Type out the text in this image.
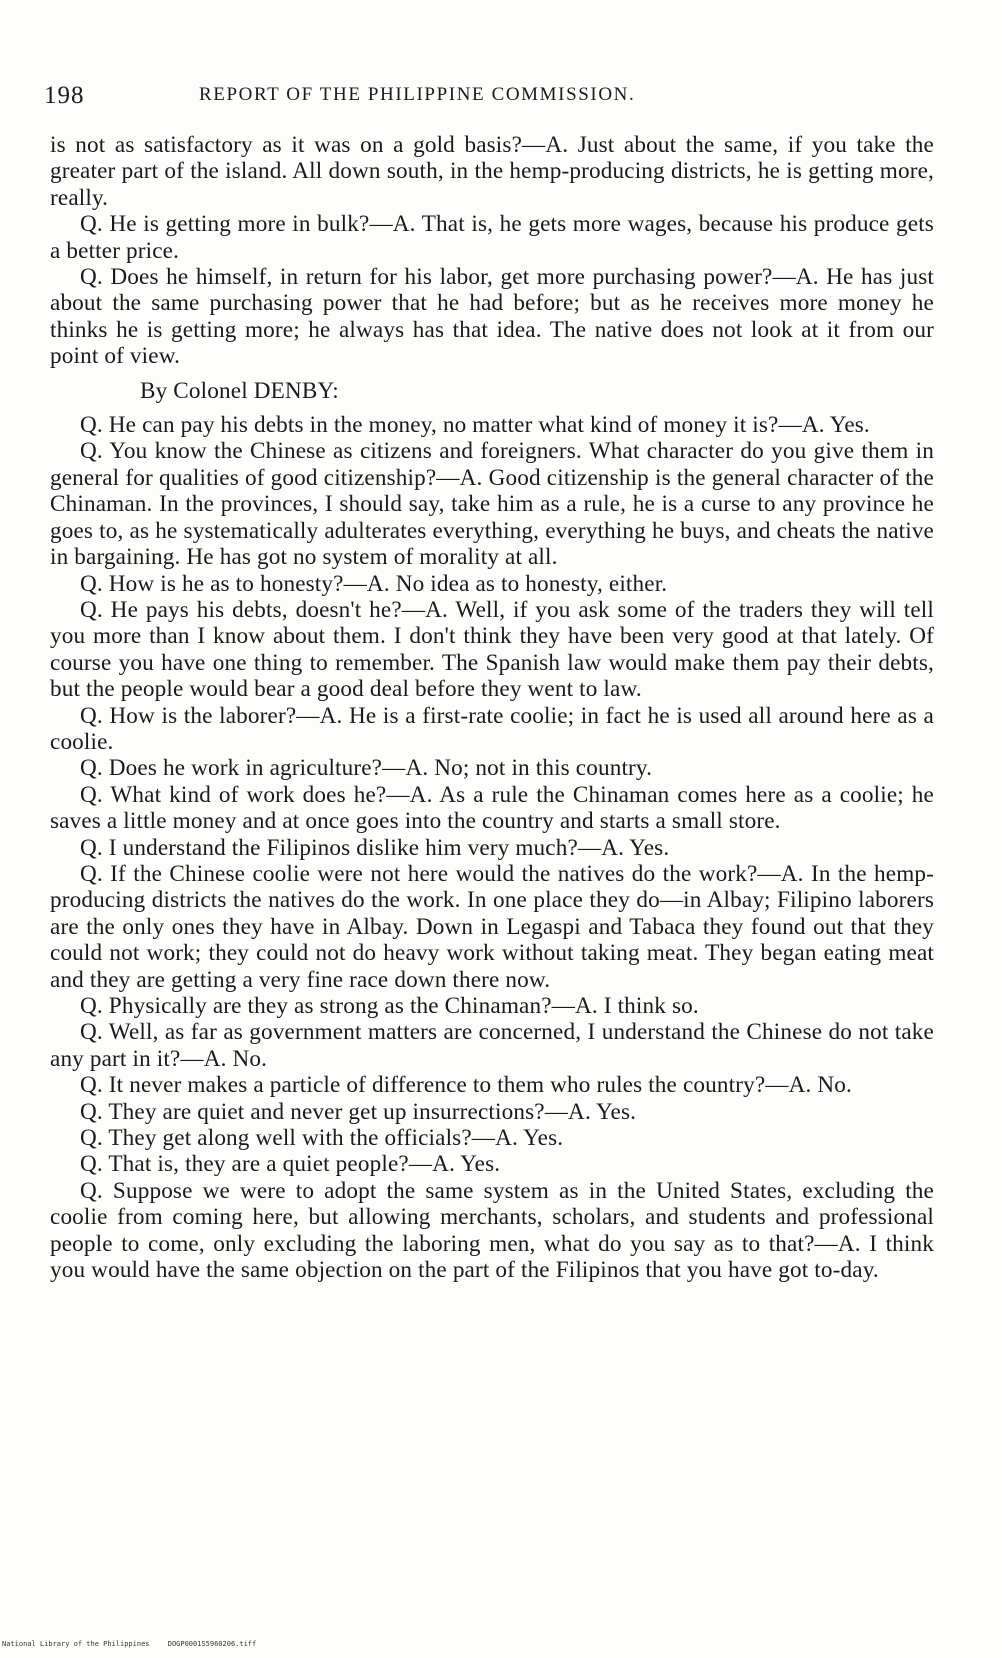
198	REPORT OF THE PHILIPPINE COMMISSION.

is not as satisfactory as it was on a gold basis?—A. Just about the same, if you take the greater part of the island. All down south, in the hemp-producing districts, he is getting more, really.

Q. He is getting more in bulk?—A. That is, he gets more wages, because his produce gets a better price.

Q. Does he himself, in return for his labor, get more purchasing power?—A. He has just about the same purchasing power that he had before; but as he receives more money he thinks he is getting more; he always has that idea. The native does not look at it from our point of view.

By Colonel DENBY:

Q. He can pay his debts in the money, no matter what kind of money it is?—A. Yes.

Q. You know the Chinese as citizens and foreigners. What character do you give them in general for qualities of good citizenship?—A. Good citizenship is the general character of the Chinaman. In the provinces, I should say, take him as a rule, he is a curse to any province he goes to, as he systematically adulterates everything, everything he buys, and cheats the native in bargaining. He has got no system of morality at all.

Q. How is he as to honesty?—A. No idea as to honesty, either.

Q. He pays his debts, doesn't he?—A. Well, if you ask some of the traders they will tell you more than I know about them. I don't think they have been very good at that lately. Of course you have one thing to remember. The Spanish law would make them pay their debts, but the people would bear a good deal before they went to law.

Q. How is the laborer?—A. He is a first-rate coolie; in fact he is used all around here as a coolie.

Q. Does he work in agriculture?—A. No; not in this country.

Q. What kind of work does he?—A. As a rule the Chinaman comes here as a coolie; he saves a little money and at once goes into the country and starts a small store.

Q. I understand the Filipinos dislike him very much?—A. Yes.

Q. If the Chinese coolie were not here would the natives do the work?—A. In the hemp-producing districts the natives do the work. In one place they do—in Albay; Filipino laborers are the only ones they have in Albay. Down in Legaspi and Tabaca they found out that they could not work; they could not do heavy work without taking meat. They began eating meat and they are getting a very fine race down there now.

Q. Physically are they as strong as the Chinaman?—A. I think so.

Q. Well, as far as government matters are concerned, I understand the Chinese do not take any part in it?—A. No.

Q. It never makes a particle of difference to them who rules the country?—A. No.

Q. They are quiet and never get up insurrections?—A. Yes.

Q. They get along well with the officials?—A. Yes.

Q. That is, they are a quiet people?—A. Yes.

Q. Suppose we were to adopt the same system as in the United States, excluding the coolie from coming here, but allowing merchants, scholars, and students and professional people to come, only excluding the laboring men, what do you say as to that?—A. I think you would have the same objection on the part of the Filipinos that you have got to-day.

National Library of the Philippines	DOGP0001S5960206.tiff
